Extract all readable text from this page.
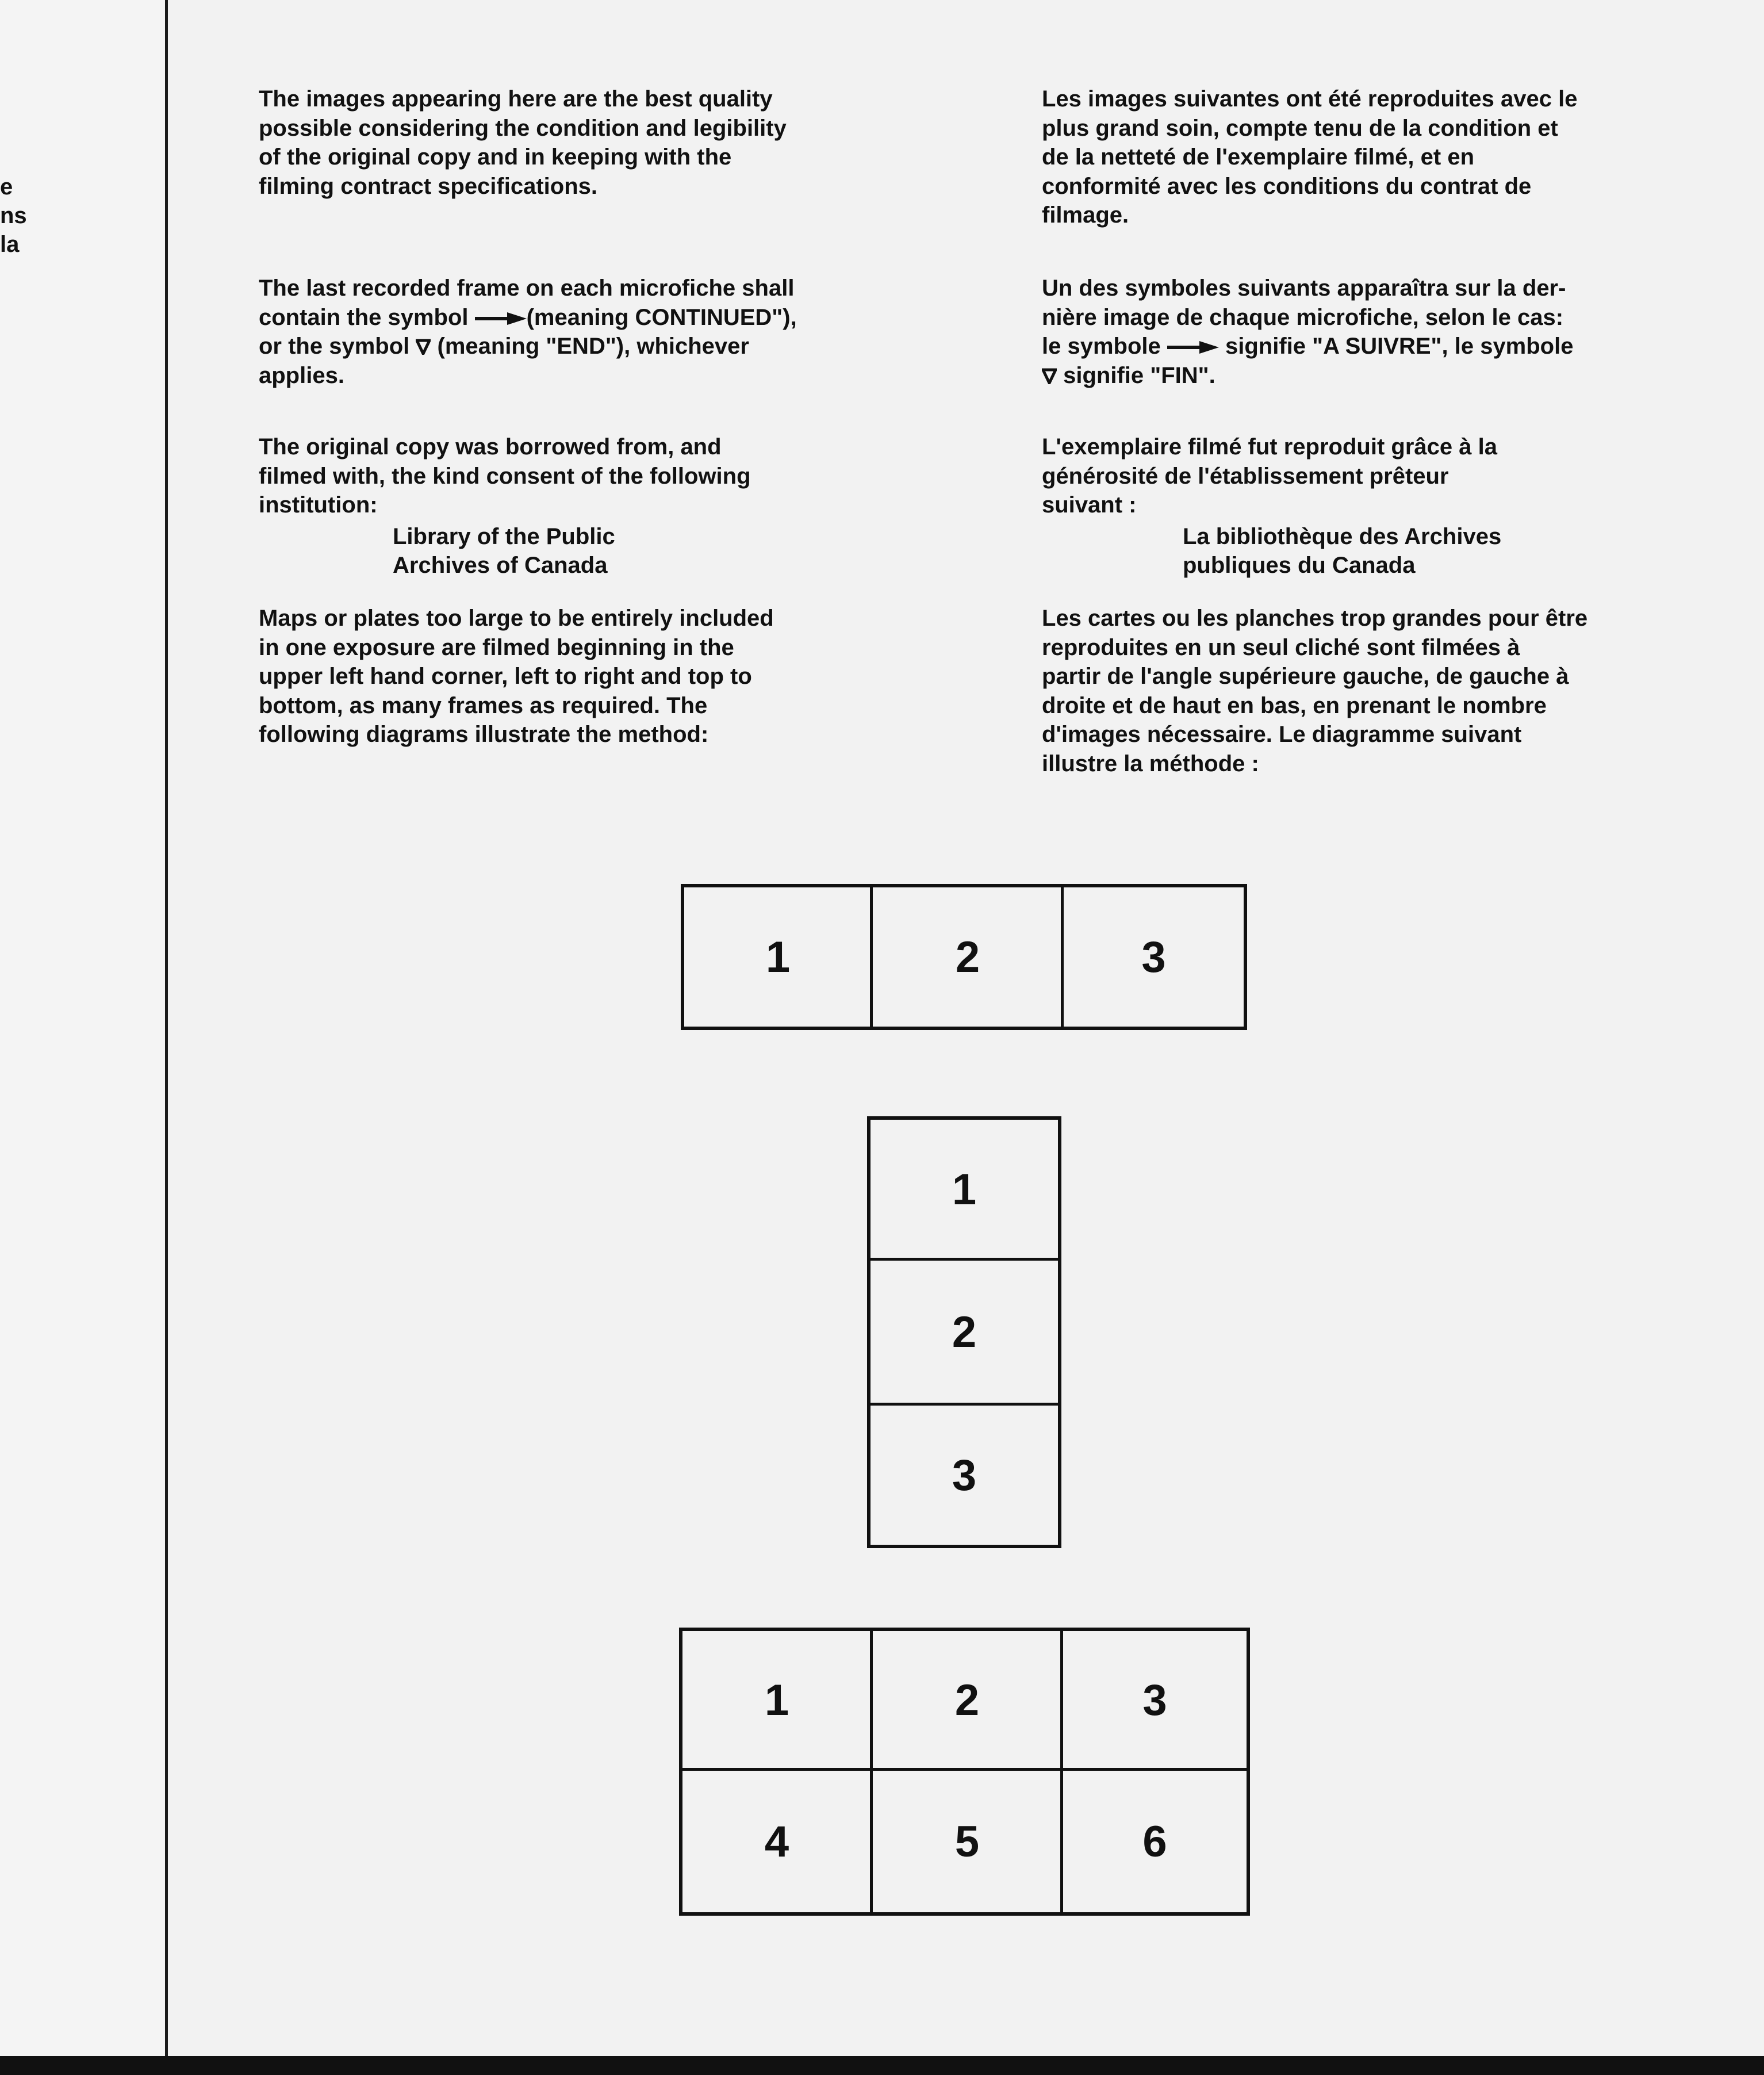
e
ns
la

The images appearing here are the best quality

possible considering the condition and legibility

of the original copy and in keeping with the

filming contract specifications.

The last recorded frame on each microfiche shall

contain the symbol (meaning CONTINUED"),

or the symbol  (meaning "END"), whichever

applies.

The original copy was borrowed from, and

filmed with, the kind consent of the following

institution:

Library of the Public

Archives of Canada

Maps or plates too large to be entirely included

in one exposure are filmed beginning in the

upper left hand corner, left to right and top to

bottom, as many frames as required. The

following diagrams illustrate the method:

Les images suivantes ont été reproduites avec le

plus grand soin, compte tenu de la condition et

de la netteté de l'exemplaire filmé, et en

conformité avec les conditions du contrat de

filmage.

Un des symboles suivants apparaîtra sur la der-

nière image de chaque microfiche, selon le cas:

le symbole  signifie "A SUIVRE", le symbole

signifie "FIN".

L'exemplaire filmé fut reproduit grâce à la

générosité de l'établissement prêteur

suivant :

La bibliothèque des Archives

publiques du Canada

Les cartes ou les planches trop grandes pour être

reproduites en un seul cliché sont filmées à

partir de l'angle supérieure gauche, de gauche à

droite et de haut en bas, en prenant le nombre

d'images nécessaire. Le diagramme suivant

illustre la méthode :

1	2	3
1
2
3
1	2	3
4	5	6
